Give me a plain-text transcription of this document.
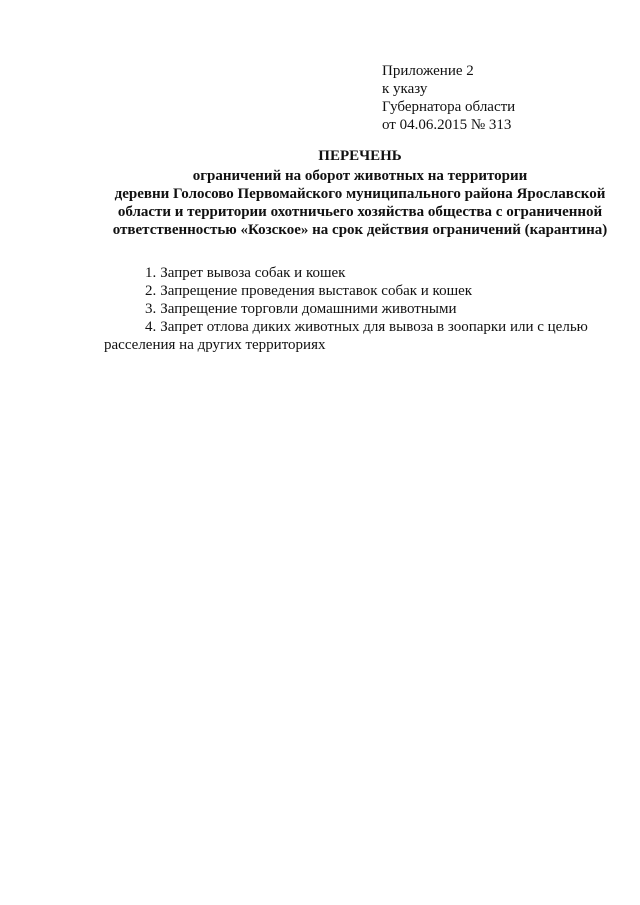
Приложение 2
к указу
Губернатора области
от 04.06.2015 № 313
ПЕРЕЧЕНЬ
ограничений на оборот животных на территории
деревни Голосово Первомайского муниципального района Ярославской
области и территории охотничьего хозяйства общества с ограниченной
ответственностью «Козское» на срок действия ограничений (карантина)
1. Запрет вывоза собак и кошек
2. Запрещение проведения выставок собак и кошек
3. Запрещение торговли домашними животными
4. Запрет отлова диких животных для вывоза в зоопарки или с целью расселения на других территориях
